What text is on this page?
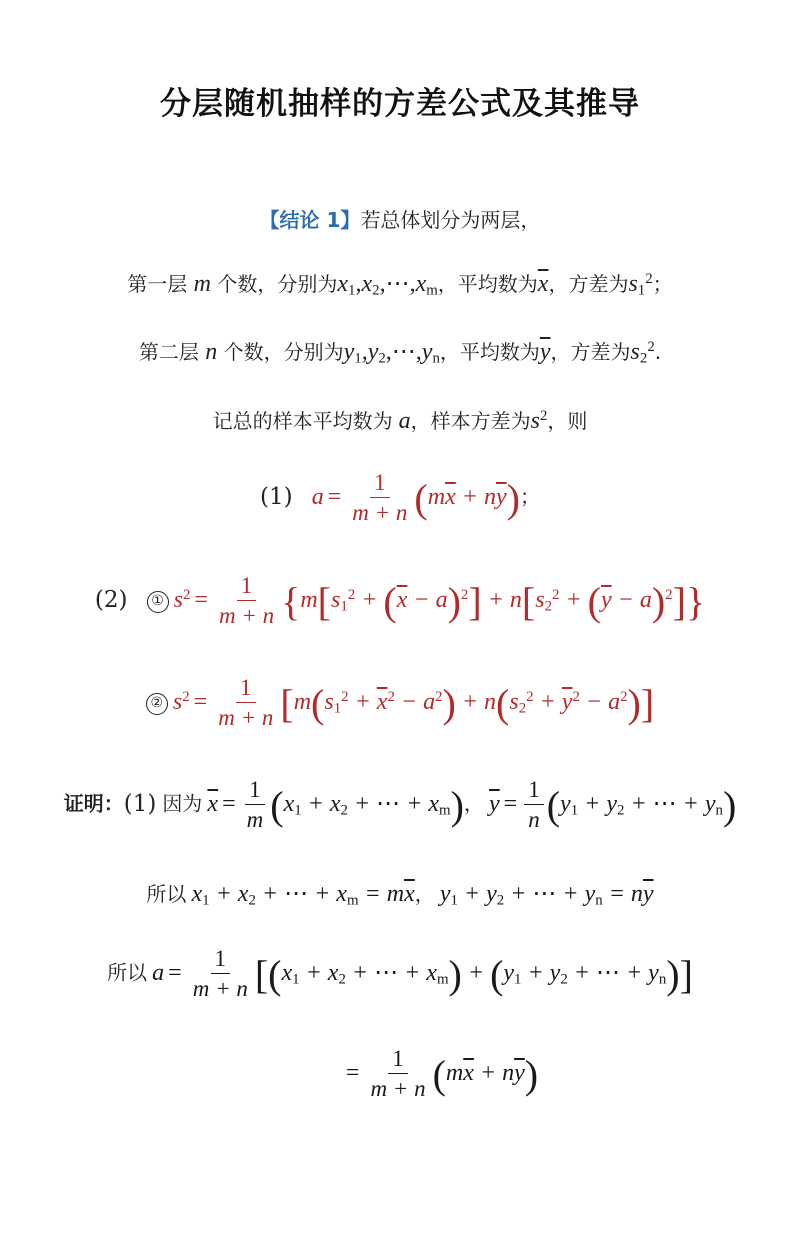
分层随机抽样的方差公式及其推导
【结论 1】若总体划分为两层，
第一层 m 个数，分别为$x_1,x_2,\cdots,x_m$，平均数为$\overline{x}$，方差为$s_1^2$；
第二层 n 个数，分别为$y_1,y_2,\cdots,y_n$，平均数为$\overline{y}$，方差为$s_2^2$.
记总的样本平均数为 a，样本方差为$s^2$，则
(1) $a = \frac{1}{m + n} (m\overline{x} + n\overline{y})$；
(2) ① $s^2 = \frac{1}{m + n} \{m[s_1^2 + (\overline{x} - a)^2] + n[s_2^2 + (\overline{y} - a)^2]\}$
② $s^2 = \frac{1}{m + n} [m(s_1^2 + \overline{x}^2 - a^2) + n(s_2^2 + \overline{y}^2 - a^2)]$
证明：(1) 因为 $\overline{x} = \frac{1}{m} (x_1 + x_2$ + ⋯ + $x_m$)， $\overline{y} = \frac{1}{n} (y_1 + y_2$ + ⋯ + $y_n$)
所以 $x_1 + x_2$ + ⋯ + $x_m = m\overline{x}$， $y_1 + y_2$ + ⋯ + $y_n = n\overline{y}$
所以 $a = \frac{1}{m + n} [(x_1 + x_2$ + ⋯ + $x_m) + (y_1 + y_2$ + ⋯ + $y_n$)]
= $\frac{1}{m + n} (m\overline{x} + n\overline{y})$
